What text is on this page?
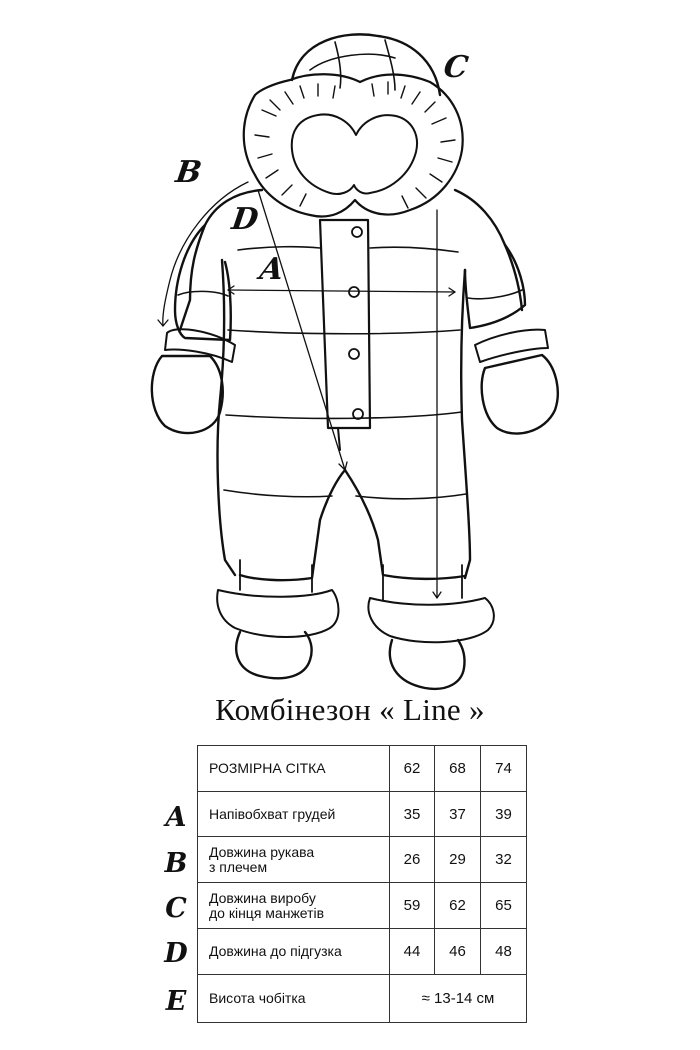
C
B
D
A
Комбінезон « Line »
A
B
C
D
E
РОЗМІРНА СІТКА	62	68	74
Напівобхват грудей	35	37	39

Довжина рукава
з плечем	26	29	32

Довжина виробу
до кінця манжетів	59	62	65
Довжина до підгузка	44	46	48
Висота чобітка	≈ 13-14 см		
